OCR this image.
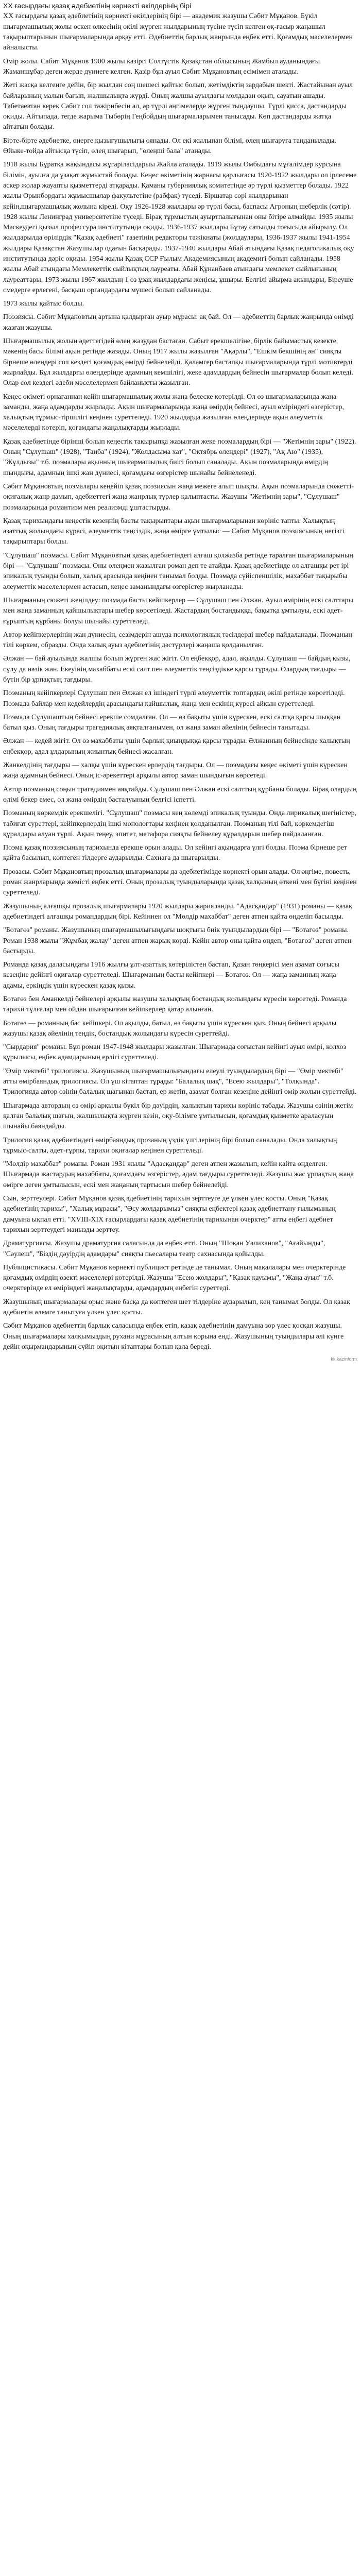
XX ғасырдағы қазақ әдебиетінің көрнекті өкілдерінің бірі

XX ғасырдағы қазақ әдебиетінің көрнекті өкілдерінің бірі — академик жазушы Сәбит Мұқанов. Бүкіл шығармашылық жолы өскен өлкесінің өкілі жүрген жылдарының түсіне түсіп келген оқ-ғасыр жаңашыл тақырыптарынын шығармаларында арқау етті. Әдебиеттің барлық жанрында еңбек етті. Қоғамдық мәселелермен айналысты.

Өмір жолы. Сәбит Мұқанов 1900 жылы қазіргі Солтүстік Қазақстан облысының Жамбыл ауданындағы Жаманшұбар деген жерде дүниеге келген. Қазір бұл ауыл Сәбит Мұқановтың есімімен аталады.

Жеті жасқа келгенге дейін, бір жылдан соң шешесі қайтыс болып, жетімдіктің зардабын шекті. Жастайынан ауыл байларының малын бағып, жалшылықта жүрді. Оның жалшы ауылдағы молдадан оқып, сауатын ашады. Тәбетаевтан керек Сәбит сол тәжірибесін ал, әр түрлі әңгімелерде жүрген тыңдаушы. Түрлі қисса, дастандарды оқиды. Айтыпада, тегде жарыма Тыбөрің Геңбойдың шығармаларымен танысады. Көп дастандарды жатқа айтатын болады.

Бірте-бірте әдебиетке, өнерге қызығушылығы оянады. Ол екі жылынан білімі, өлең шығаруға таңданылады. Өйыке-тойда айтысқа түсіп, өлең шығарып, "өлеңші бала" атанады.

1918 жылы Бұратқа жақындасы жұгаріласідарыы Жайла аталады. 1919 жылы Омбыдағы мұғалімдер курсына білімін, ауылға да үзақат жұмыстай болады. Кеңес өкіметінің жарнасы қарлығасы 1920-1922 жылдары ол ірлесеме әскер жолар жауапты қызметтерді атқарады. Қаманы губерниялық комитетінде әр түрлі қызметтер болады. 1922 жылы Орынбордағы жұмысшылар факультетіне (рабфак) түседі. Біршатар сөрі жылдарынан кейін,шығармашылық жолына кіреді. Оқу 1926-1928 жылдары әр түрлі басы, баспасы Агроның шеберлік (сәтір). 1928 жылы Ленинград университетіне түседі. Бірақ тұрмыстың ауыртпалығынан оны бітіре алмайды. 1935 жылы Мәскеудегі қызыл профессура институтында оқиды. 1936-1937 жылдары Бұтау сатылды тоғысыда айырылу. Ол жылдарылда өрілірдік "Қазақ әдебиеті" газетінің редакторы тәжікнаты (жолдаулары, 1936-1937 жылы 1941-1954 жылдары Қазақстан Жазушылар одағын басқарады. 1937-1940 жылдары Абай атындағы Қазақ педагогикалық оқу институтында дәріс оқиды. 1954 жылы Қазақ ССР Ғылым Академиясының академигі болып сайланады. 1958 жылы Абай атындағы Мемлекеттік сыйлықтың лауреаты. Абай Құнанбаев атындағы мемлекет сыйлығының лауреаттары. 1973 жылы 1967 жылдың 1 өз ұзақ жылдардағы жеңісы, ұшыры. Белгілі айырма ақындары, Біреуше смедерге ерлегені, басқыш органдардағы мүшесі болып сайланады.

1973 жылы қайтыс болды.

Поэзиясы. Сәбит Мұқановтың артына қалдырған ауыр мұрасы: ақ бай. Ол — әдебиеттің барлық жанрында өнімді жазған жазушы.

Шығармашылық жолын әдеттегідей өлең жазудан бастаған. Сабыт ерекшелігіне, бірлік байымастық кезекте, мәкенің басы білімі ақын ретінде жазады. Оның 1917 жылы жазылған "Ақарлы", "Ешкім бекшінің ән" сияқты бірнеше өлеңдері сол кездегі қоғамдық өмірді бейнелейді. Қаламгер бастапқы шығармаларында түрлі мотивтерді жырлайды. Бұл жылдарғы өлеңдерінде адамның кемшілігі, жеке адамдардың бейнесін шығармалар болып келеді. Олар сол кездегі әдеби мәселелермен байланысты жазылған.

Кеңес өкіметі орнағаннан кейін шығармашылық жолы жаңа белеске көтерілді. Ол өз шығармаларында жаңа заманды, жаңа адамдарды жырлады. Ақын шығармаларында жаңа өмірдің бейнесі, ауыл өміріндегі өзгерістер, халықтың тұрмыс-тіршілігі кеңінен суреттеледі. 1920 жылдарда жазылған өлеңдерінде ақын әлеуметтік мәселелерді көтеріп, қоғамдағы жаңалықтарды жырлады.

Қазақ әдебиетінде бірінші болып кеңестік тақырыпқа жазылған жеке поэмалардың бірі — "Жетімнің зары" (1922). Оның "Сұлушаш" (1928), "Таңба" (1924), "Жолдасыма хат", "Октябрь өлеңдері" (1927), "Ақ Аю" (1935), "Жұлдызы" т.б. поэмалары ақынның шығармашылық биігі болып саналады. Ақын поэмаларында өмірдің шындығы, адамның ішкі жан дүниесі, қоғамдағы өзгерістер шынайы бейнеленеді.

Сәбит Мұқановтың поэмалары кеңейіп қазақ поэзиясын жаңа межеге алып шықты. Ақын поэмаларында сюжетті-оқиғалық жанр дамып, әдебиеттегі жаңа жанрлық түрлер қалыптасты. Жазушы "Жетімнің зары", "Сұлушаш" поэмаларында романтизм мен реализмді ұштастырды.

Қазақ тарихындағы кеңестік кезеңнің басты тақырыптары ақын шығармаларынан көрініс тапты. Халықтың азаттық жолындағы күресі, әлеуметтік теңсіздік, жаңа өмірге ұмтылыс — Сәбит Мұқанов поэзиясының негізгі тақырыптары болды.

"Сұлушаш" поэмасы. Сәбит Мұқановтың қазақ әдебиетіндегі алғаш қолжазба ретінде таралған шығармаларының бірі — "Сұлушаш" поэмасы. Оны өлеңмен жазылған роман деп те атайды. Қазақ әдебиетінде ол алғашқы рет ірі эпикалық туынды болып, халық арасында кеңінен танымал болды. Поэмада сүйіспеншілік, махаббат тақырыбы әлеуметтік мәселелермен астасып, кеңес заманындағы өзгерістер жырланады.

Шығарманың сюжеті жеңілдеу: поэмада басты кейіпкерлер — Сұлушаш пен Әлжан. Ауыл өмірінің ескі салттары мен жаңа заманның қайшылықтары шебер көрсетіледі. Жастардың бостандыққа, бақытқа ұмтылуы, ескі әдет-ғұрыптың құрбаны болуы шынайы суреттеледі.

Автор кейіпкерлерінің жан дүниесін, сезімдерін ашуда психологиялық тәсілдерді шебер пайдаланады. Поэманың тілі көркем, образды. Онда халық ауыз әдебиетінің дәстүрлері жаңаша қолданылған.

Әлжан — бай ауылында жалшы болып жүрген жас жігіт. Ол еңбекқор, адал, ақылды. Сұлушаш — байдың қызы, сұлу да нәзік жан. Екеуінің махаббаты ескі салт пен әлеуметтік теңсіздікке қарсы тұрады. Олардың тағдыры — бүтін бір ұрпақтың тағдыры.

Поэманың кейіпкерлері Сұлушаш пен Әлжан ел ішіндегі түрлі әлеуметтік топтардың өкілі ретінде көрсетіледі. Поэмада байлар мен кедейлердің арасындағы қайшылық, жаңа мен ескінің күресі айқын суреттеледі.

Поэмада Сұлушаштың бейнесі ерекше сомдалған. Ол — өз бақыты үшін күрескен, ескі салтқа қарсы шыққан батыл қыз. Оның тағдыры трагедиялық аяқталғанымен, ол жаңа заман әйелінің бейнесін танытады.

Әлжан — кедей жігіт. Ол өз махаббаты үшін барлық қиындыққа қарсы тұрады. Әлжанның бейнесінде халықтың еңбекқор, адал ұлдарының жиынтық бейнесі жасалған.

Жанкелдінің тағдыры — халқы үшін күрескен ерлердің тағдыры. Ол — поэмадағы кеңес өкіметі үшін күрескен жаңа адамның бейнесі. Оның іс-әрекеттері арқылы автор заман шындығын көрсетеді.

Автор поэманың соңын трагедиямен аяқтайды. Сұлушаш пен Әлжан ескі салттың құрбаны болады. Бірақ олардың өлімі бекер емес, ол жаңа өмірдің басталуының белгісі іспетті.

Поэманың көркемдік ерекшелігі. "Сұлушаш" поэмасы кең көлемді эпикалық туынды. Онда лирикалық шегіністер, табиғат суреттері, кейіпкерлердің ішкі монологтары кеңінен қолданылған. Поэманың тілі бай, көркемдегіш құралдары алуан түрлі. Ақын теңеу, эпитет, метафора сияқты бейнелеу құралдарын шебер пайдаланған.

Поэма қазақ поэзиясының тарихында ерекше орын алады. Ол кейінгі ақындарға үлгі болды. Поэма бірнеше рет қайта басылып, көптеген тілдерге аударылды. Сахнаға да шығарылды.

Прозасы. Сәбит Мұқановтың прозалық шығармалары да әдебиетімізде көрнекті орын алады. Ол әңгіме, повесть, роман жанрларында жемісті еңбек етті. Оның прозалық туындыларында қазақ халқының өткені мен бүгіні кеңінен суреттеледі.

Жазушының алғашқы прозалық шығармалары 1920 жылдары жарияланды. "Адасқандар" (1931) романы — қазақ әдебиетіндегі алғашқы романдардың бірі. Кейіннен ол "Мөлдір махаббат" деген атпен қайта өңделіп басылды.

"Ботагөз" романы. Жазушының шығармашылығындағы шоқтығы биік туындылардың бірі — "Ботагөз" романы. Роман 1938 жылы "Жұмбақ жалау" деген атпен жарық көрді. Кейін автор оны қайта өңдеп, "Ботагөз" деген атпен бастырды.

Романда қазақ даласындағы 1916 жылғы ұлт-азаттық көтерілістен бастап, Қазан төңкерісі мен азамат соғысы кезеңіне дейінгі оқиғалар суреттеледі. Шығарманың басты кейіпкері — Ботагөз. Ол — жаңа заманның жаңа адамы, еркіндік үшін күрескен қазақ қызы.

Ботагөз бен Аманкелді бейнелері арқылы жазушы халықтың бостандық жолындағы күресін көрсетеді. Романда тарихи тұлғалар мен ойдан шығарылған кейіпкерлер қатар алынған.

Ботагөз — романның бас кейіпкері. Ол ақылды, батыл, өз бақыты үшін күрескен қыз. Оның бейнесі арқылы жазушы қазақ әйелінің теңдік, бостандық жолындағы күресін суреттейді.

"Сырдария" романы. Бұл роман 1947-1948 жылдары жазылған. Шығармада соғыстан кейінгі ауыл өмірі, колхоз құрылысы, еңбек адамдарының ерлігі суреттеледі.

"Өмір мектебі" трилогиясы. Жазушының шығармашылығындағы елеулі туындылардың бірі — "Өмір мектебі" атты өмірбаяндық трилогиясы. Ол үш кітаптан тұрады: "Балалық шақ", "Есею жылдары", "Толқында". Трилогияда автор өзінің балалық шағынан бастап, ер жетіп, азамат болған кезеңіне дейінгі өмір жолын суреттейді.

Шығармада автордың өз өмірі арқылы бүкіл бір дәуірдің, халықтың тарихы көрініс табады. Жазушы өзінің жетім қалған балалық шағын, жалшылықта жүрген кезін, оқу-білімге ұмтылысын, қоғамдық қызметке араласуын шынайы баяндайды.

Трилогия қазақ әдебиетіндегі өмірбаяндық прозаның үздік үлгілерінің бірі болып саналады. Онда халықтың тұрмыс-салты, әдет-ғұрпы, тарихи оқиғалар кеңінен суреттеледі.

"Мөлдір махаббат" романы. Роман 1931 жылы "Адасқандар" деген атпен жазылып, кейін қайта өңделген. Шығармада жастардың махаббаты, қоғамдағы өзгерістер, адам тағдыры суреттеледі. Жазушы жас ұрпақтың жаңа өмірге деген ұмтылысын, ескі мен жаңаның тартысын шебер бейнелейді.

Сын, зерттеулері. Сәбит Мұқанов қазақ әдебиетінің тарихын зерттеуге де үлкен үлес қосты. Оның "Қазақ әдебиетінің тарихы", "Халық мұрасы", "Өсу жолдарымыз" сияқты еңбектері қазақ әдебиеттану ғылымының дамуына ықпал етті. "XVIII-XIX ғасырлардағы қазақ әдебиетінің тарихынан очерктер" атты еңбегі әдебиет тарихын зерттеудегі маңызды зерттеу.

Драматургиясы. Жазушы драматургия саласында да еңбек етті. Оның "Шоқан Уәлиханов", "Ағайынды", "Сәулеш", "Біздің дәуірдің адамдары" сияқты пьесалары театр сахнасында қойылды.

Публицистикасы. Сәбит Мұқанов көрнекті публицист ретінде де танымал. Оның мақалалары мен очерктерінде қоғамдық өмірдің өзекті мәселелері көтерілді. Жазушы "Есею жолдары", "Қазақ қауымы", "Жаңа ауыл" т.б. очерктерінде ел өміріндегі жаңалықтарды, адамдардың еңбегін суреттеді.

Жазушының шығармалары орыс және басқа да көптеген шет тілдеріне аударылып, кең танымал болды. Ол қазақ әдебиетін әлемге танытуға үлкен үлес қосты.

Сәбит Мұқанов әдебиеттің барлық саласында еңбек етіп, қазақ әдебиетінің дамуына зор үлес қосқан жазушы. Оның шығармалары халқымыздың рухани мұрасының алтын қорына енді. Жазушының туындылары әлі күнге дейін оқырмандарының сүйіп оқитын кітаптары болып қала береді.

kk.kazinform
